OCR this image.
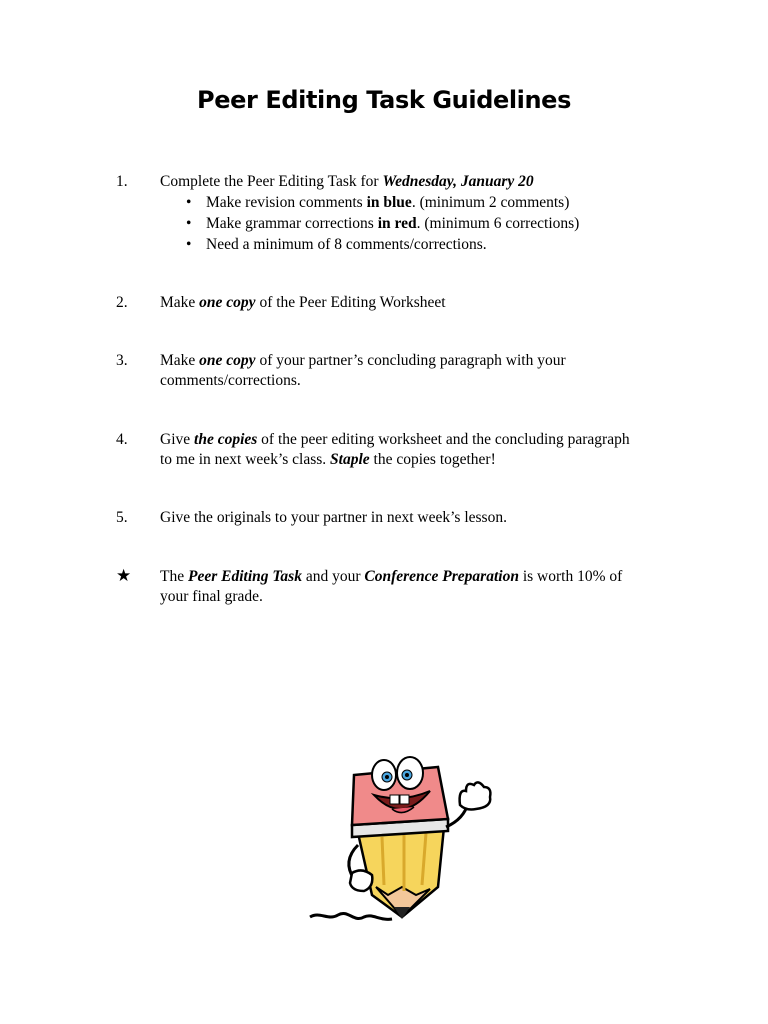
Peer Editing Task Guidelines
1. Complete the Peer Editing Task for Wednesday, January 20
• Make revision comments in blue. (minimum 2 comments)
• Make grammar corrections in red. (minimum 6 corrections)
• Need a minimum of 8 comments/corrections.
2. Make one copy of the Peer Editing Worksheet
3. Make one copy of your partner’s concluding paragraph with your comments/corrections.
4. Give the copies of the peer editing worksheet and the concluding paragraph to me in next week’s class. Staple the copies together!
5. Give the originals to your partner in next week’s lesson.
★ The Peer Editing Task and your Conference Preparation is worth 10% of your final grade.
